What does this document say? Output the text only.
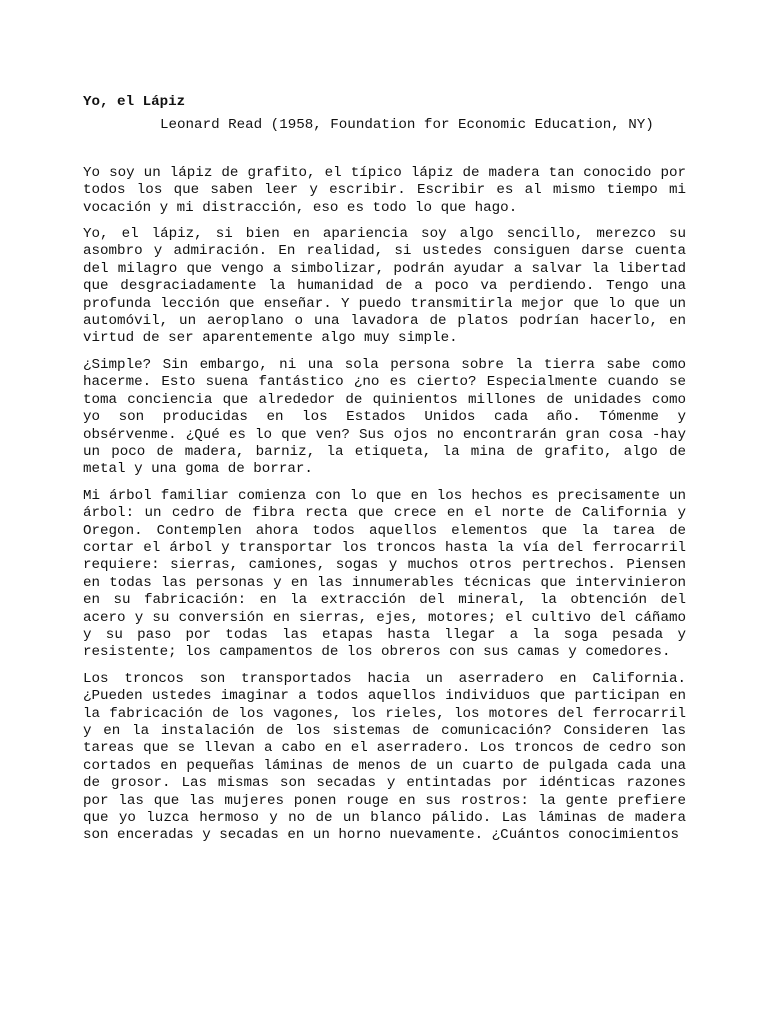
Yo, el Lápiz
Leonard Read (1958, Foundation for Economic Education, NY)

Yo soy un lápiz de grafito, el típico lápiz de madera tan conocido por todos los que saben leer y escribir. Escribir es al mismo tiempo mi vocación y mi distracción, eso es todo lo que hago.

Yo, el lápiz, si bien en apariencia soy algo sencillo, merezco su asombro y admiración. En realidad, si ustedes consiguen darse cuenta del milagro que vengo a simbolizar, podrán ayudar a salvar la libertad que desgraciadamente la humanidad de a poco va perdiendo. Tengo una profunda lección que enseñar. Y puedo transmitirla mejor que lo que un automóvil, un aeroplano o una lavadora de platos podrían hacerlo, en virtud de ser aparentemente algo muy simple.

¿Simple? Sin embargo, ni una sola persona sobre la tierra sabe como hacerme. Esto suena fantástico ¿no es cierto? Especialmente cuando se toma conciencia que alrededor de quinientos millones de unidades como yo son producidas en los Estados Unidos cada año. Tómenme y obsérvenme. ¿Qué es lo que ven? Sus ojos no encontrarán gran cosa -hay un poco de madera, barniz, la etiqueta, la mina de grafito, algo de metal y una goma de borrar.

Mi árbol familiar comienza con lo que en los hechos es precisamente un árbol: un cedro de fibra recta que crece en el norte de California y Oregon. Contemplen ahora todos aquellos elementos que la tarea de cortar el árbol y transportar los troncos hasta la vía del ferrocarril requiere: sierras, camiones, sogas y muchos otros pertrechos. Piensen en todas las personas y en las innumerables técnicas que intervinieron en su fabricación: en la extracción del mineral, la obtención del acero y su conversión en sierras, ejes, motores; el cultivo del cáñamo y su paso por todas las etapas hasta llegar a la soga pesada y resistente; los campamentos de los obreros con sus camas y comedores.

Los troncos son transportados hacia un aserradero en California. ¿Pueden ustedes imaginar a todos aquellos individuos que participan en la fabricación de los vagones, los rieles, los motores del ferrocarril y en la instalación de los sistemas de comunicación? Consideren las tareas que se llevan a cabo en el aserradero. Los troncos de cedro son cortados en pequeñas láminas de menos de un cuarto de pulgada cada una de grosor. Las mismas son secadas y entintadas por idénticas razones por las que las mujeres ponen rouge en sus rostros: la gente prefiere que yo luzca hermoso y no de un blanco pálido. Las láminas de madera son enceradas y secadas en un horno nuevamente. ¿Cuántos conocimientos
